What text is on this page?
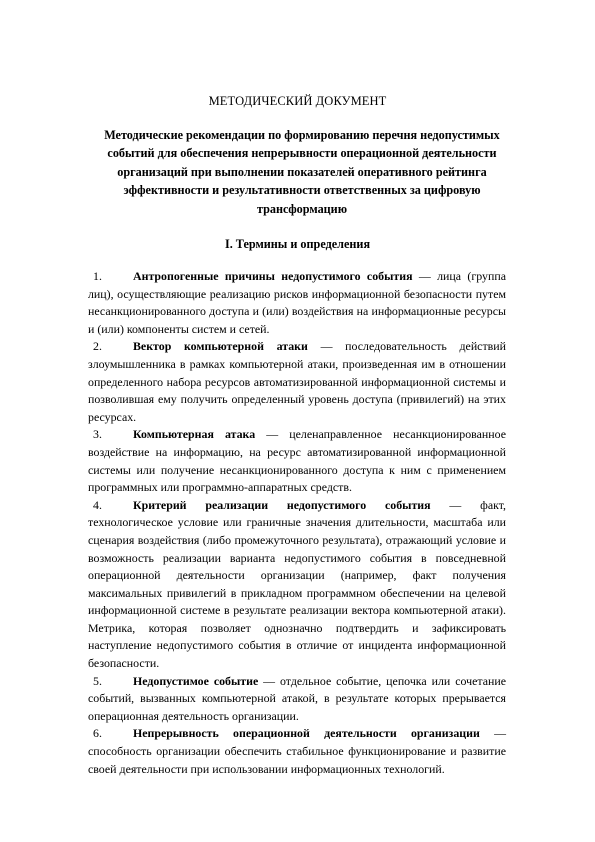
МЕТОДИЧЕСКИЙ ДОКУМЕНТ
Методические рекомендации по формированию перечня недопустимых событий для обеспечения непрерывности операционной деятельности организаций при выполнении показателей оперативного рейтинга эффективности и результативности ответственных за цифровую трансформацию
I. Термины и определения

1.	Антропогенные причины недопустимого события — лица (группа лиц), осуществляющие реализацию рисков информационной безопасности путем несанкционированного доступа и (или) воздействия на информационные ресурсы и (или) компоненты систем и сетей.

2.	Вектор компьютерной атаки — последовательность действий злоумышленника в рамках компьютерной атаки, произведенная им в отношении определенного набора ресурсов автоматизированной информационной системы и позволившая ему получить определенный уровень доступа (привилегий) на этих ресурсах.

3.	Компьютерная атака — целенаправленное несанкционированное воздействие на информацию, на ресурс автоматизированной информационной системы или получение несанкционированного доступа к ним с применением программных или программно-аппаратных средств.

4.	Критерий реализации недопустимого события — факт, технологическое условие или граничные значения длительности, масштаба или сценария воздействия (либо промежуточного результата), отражающий условие и возможность реализации варианта недопустимого события в повседневной операционной деятельности организации (например, факт получения максимальных привилегий в прикладном программном обеспечении на целевой информационной системе в результате реализации вектора компьютерной атаки). Метрика, которая позволяет однозначно подтвердить и зафиксировать наступление недопустимого события в отличие от инцидента информационной безопасности.

5.	Недопустимое событие — отдельное событие, цепочка или сочетание событий, вызванных компьютерной атакой, в результате которых прерывается операционная деятельность организации.

6.	Непрерывность операционной деятельности организации — способность организации обеспечить стабильное функционирование и развитие своей деятельности при использовании информационных технологий.
